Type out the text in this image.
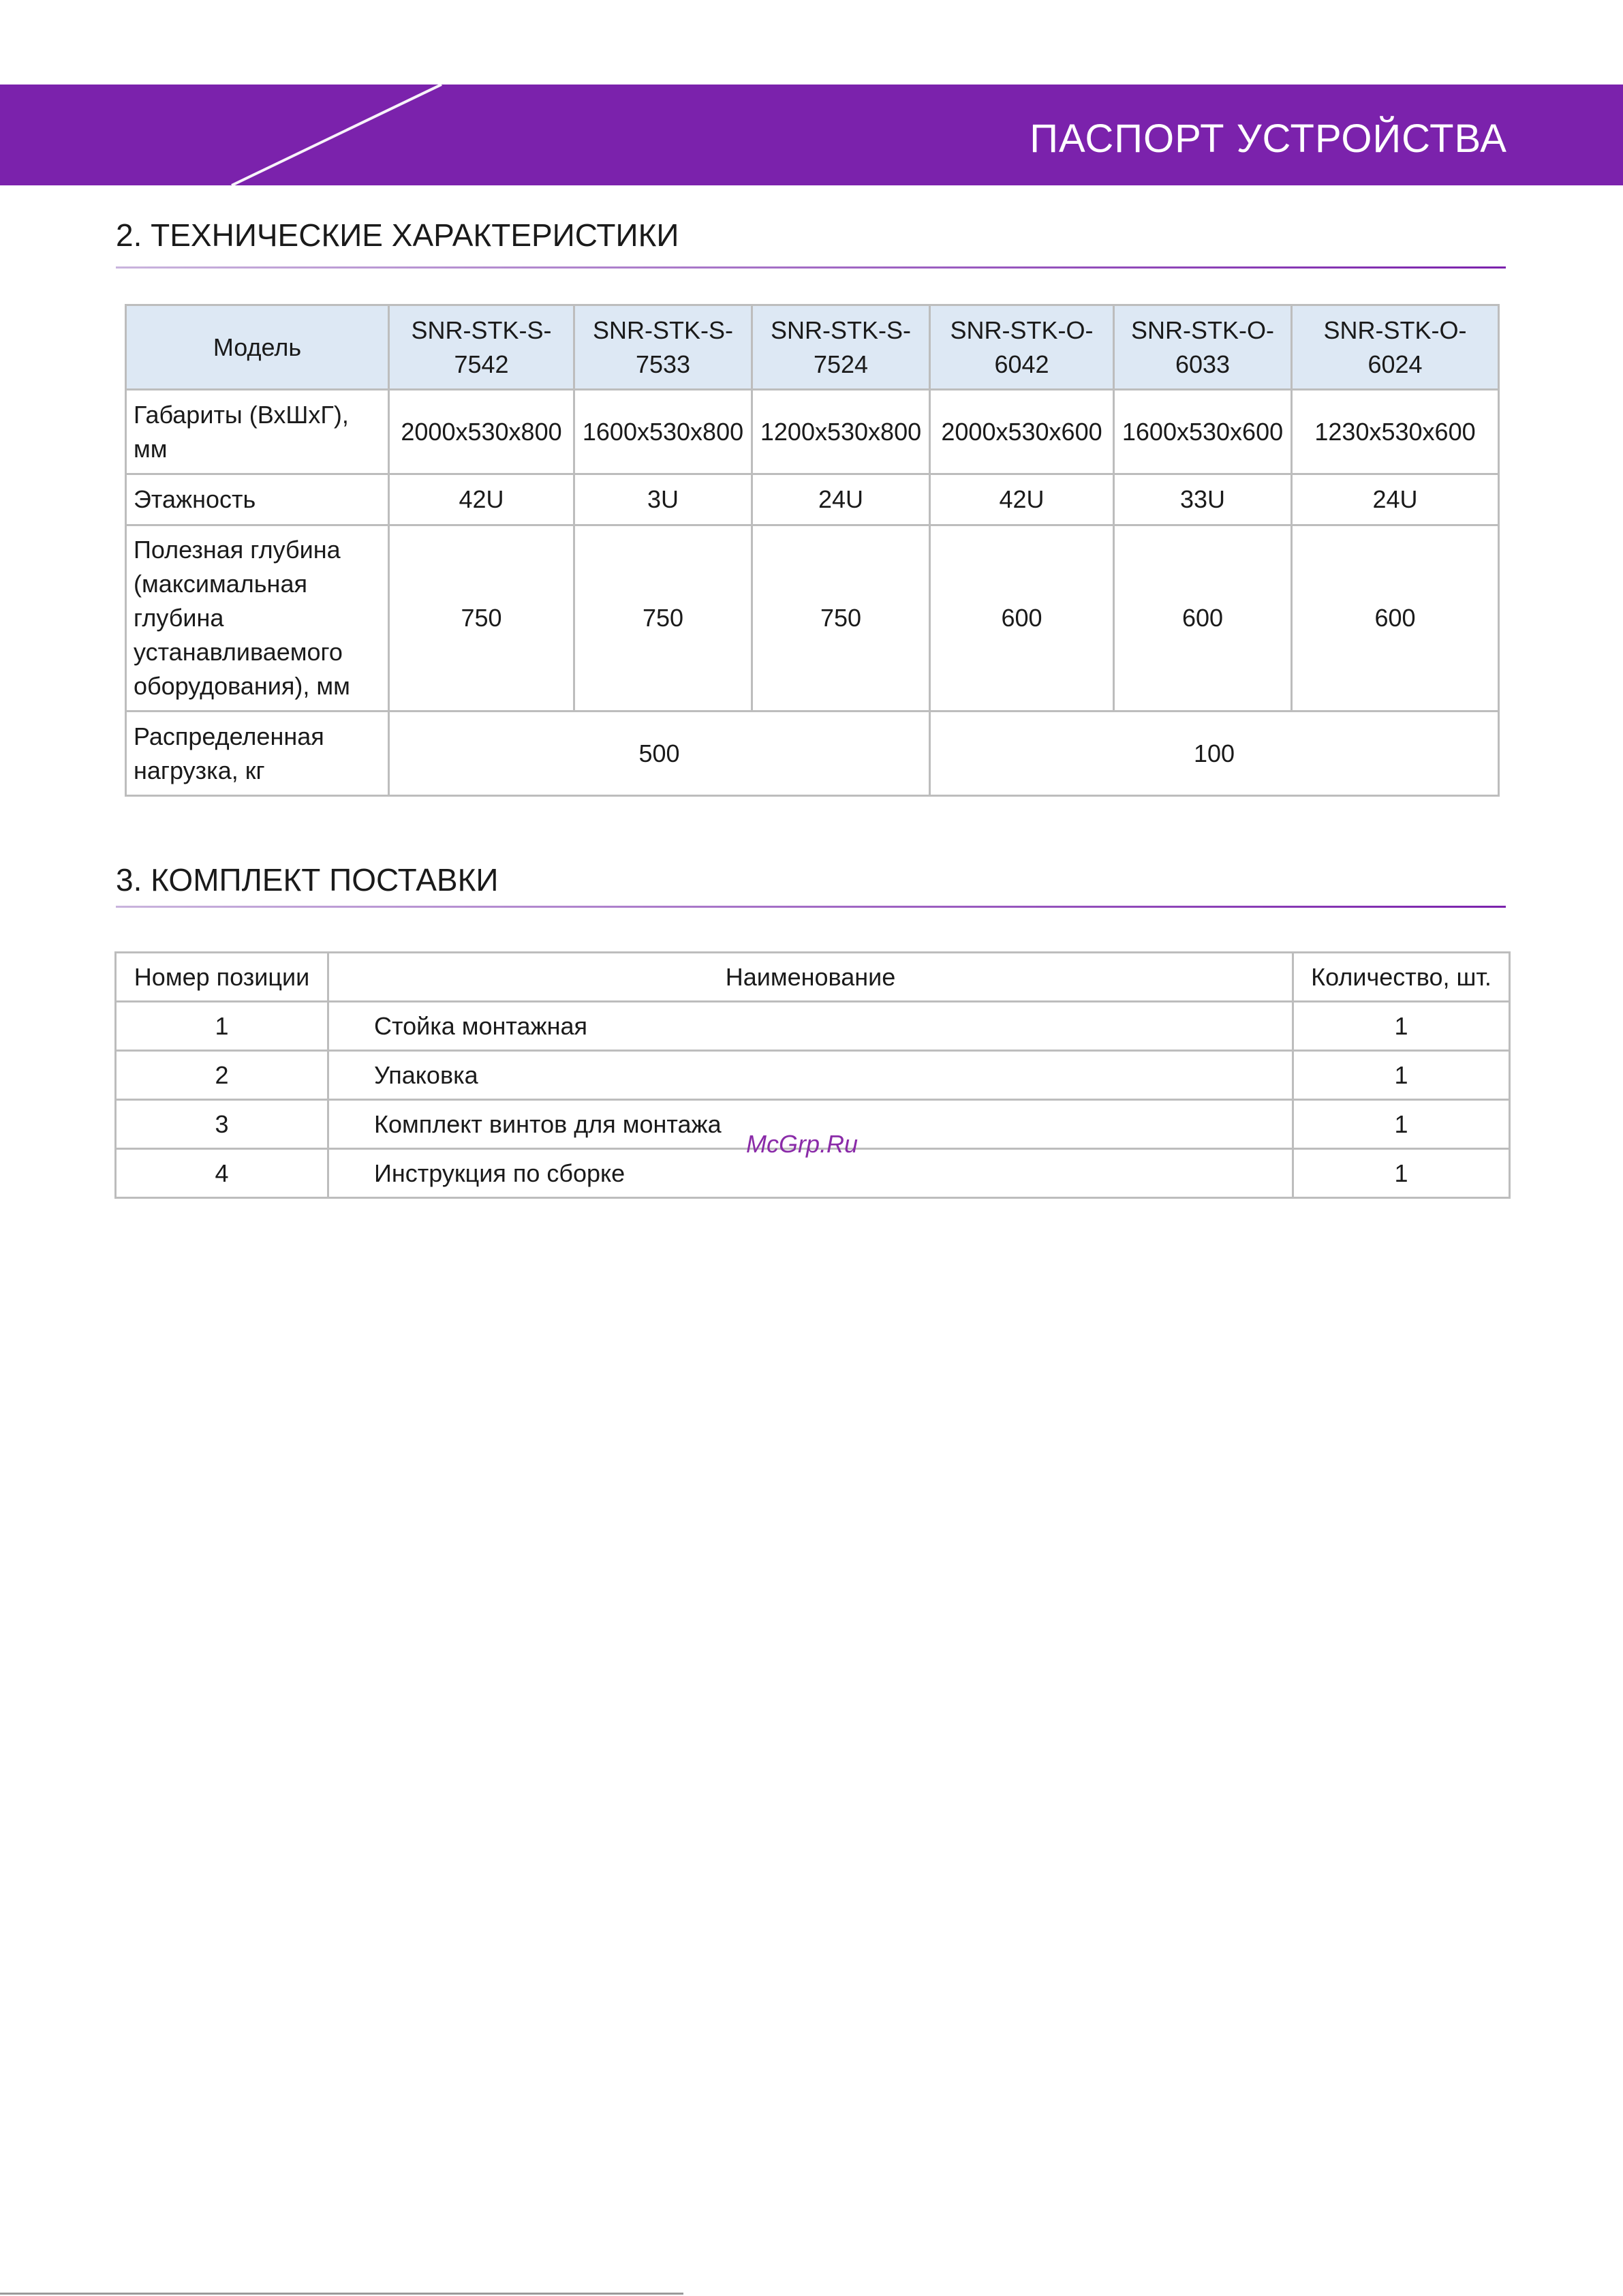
ПАСПОРТ УСТРОЙСТВА
2. ТЕХНИЧЕСКИЕ ХАРАКТЕРИСТИКИ
Модель	SNR-STK-S-7542	SNR-STK-S-7533	SNR-STK-S-7524	SNR-STK-O-6042	SNR-STK-O-6033	SNR-STK-O-6024
Габариты (ВхШхГ), мм	2000x530x800	1600x530x800	1200x530x800	2000x530x600	1600x530x600	1230x530x600
Этажность	42U	3U	24U	42U	33U	24U
Полезная глубина (максимальная глубина устанавливаемого оборудования), мм	750	750	750	600	600	600
Распределенная нагрузка, кг	500			100		
3. КОМПЛЕКТ ПОСТАВКИ
Номер позиции	Наименование	Количество, шт.
1	Стойка монтажная	1
2	Упаковка	1
3	Комплект винтов для монтажа	1
4	Инструкция по сборке	1
McGrp.Ru
